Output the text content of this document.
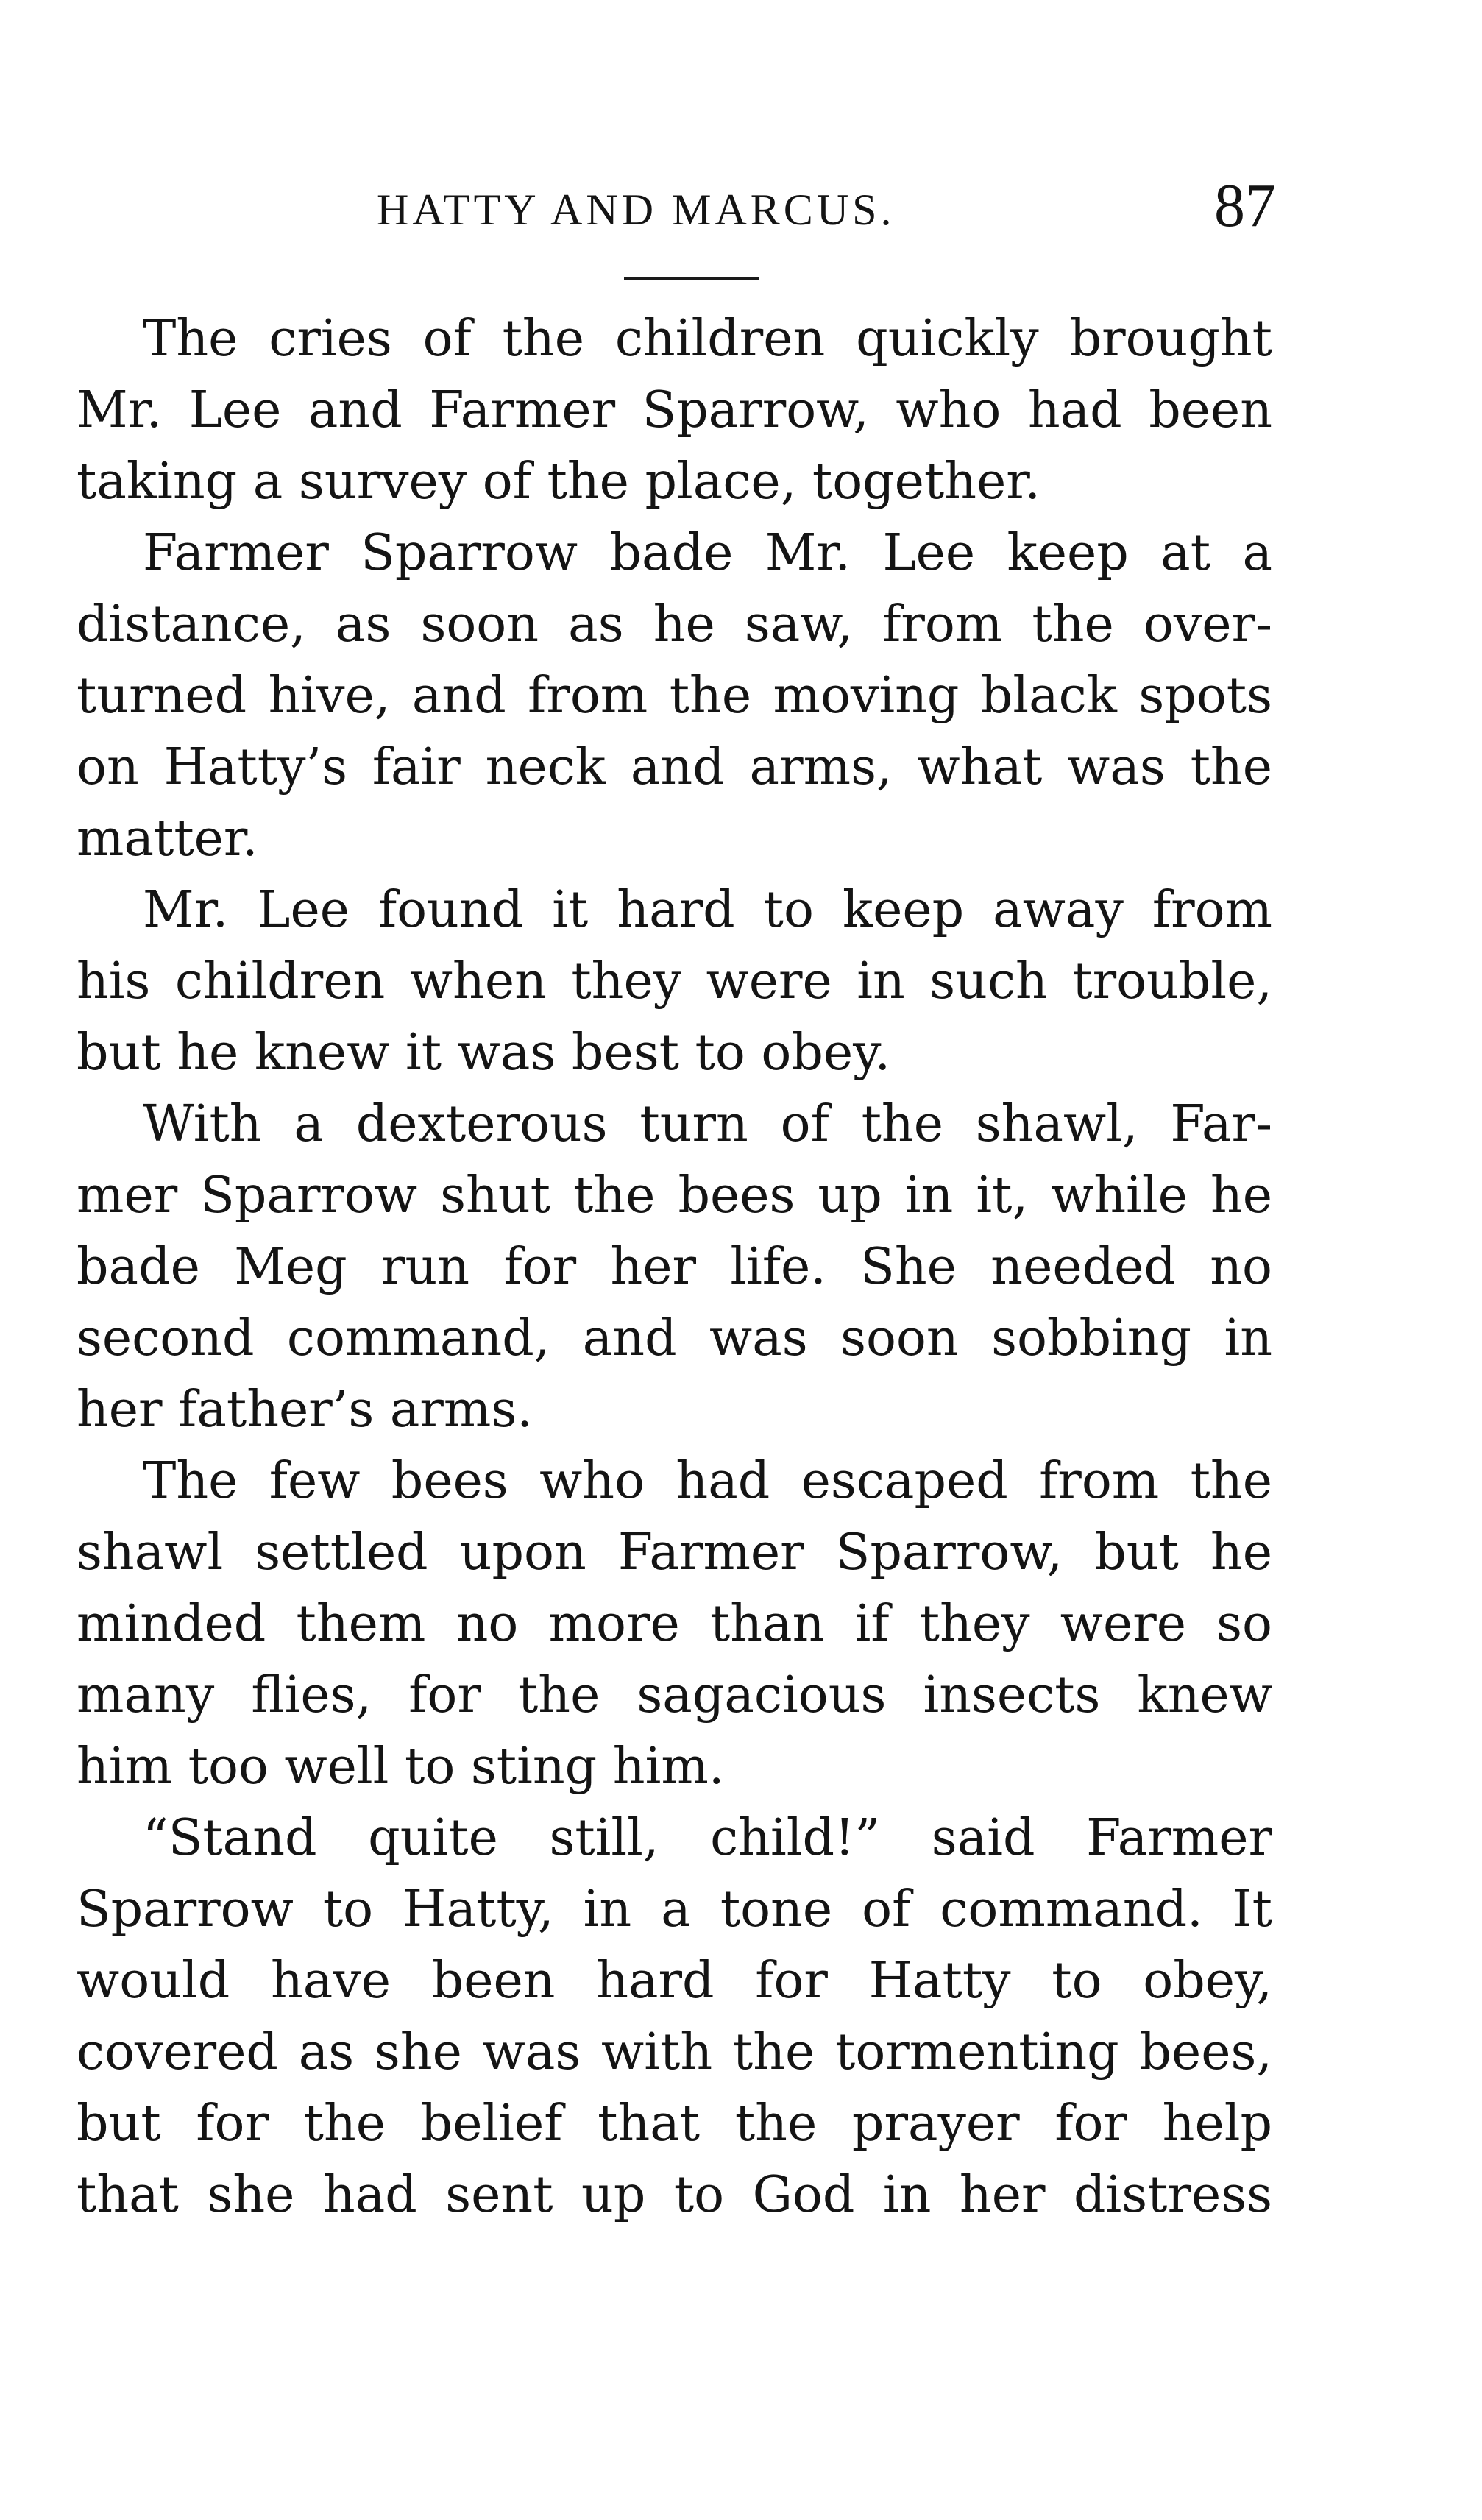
HATTY AND MARCUS.	87
The cries of the children quickly brought
Mr. Lee and Farmer Sparrow, who had been
taking a survey of the place, together.
Farmer Sparrow bade Mr. Lee keep at a
distance, as soon as he saw, from the over-
turned hive, and from the moving black spots
on Hatty’s fair neck and arms, what was the
matter.
Mr. Lee found it hard to keep away from
his children when they were in such trouble,
but he knew it was best to obey.
With a dexterous turn of the shawl, Far-
mer Sparrow shut the bees up in it, while he
bade Meg run for her life. She needed no
second command, and was soon sobbing in
her father’s arms.
The few bees who had escaped from the
shawl settled upon Farmer Sparrow, but he
minded them no more than if they were so
many flies, for the sagacious insects knew
him too well to sting him.
“Stand quite still, child!” said Farmer
Sparrow to Hatty, in a tone of command. It
would have been hard for Hatty to obey,
covered as she was with the tormenting bees,
but for the belief that the prayer for help
that she had sent up to God in her distress
